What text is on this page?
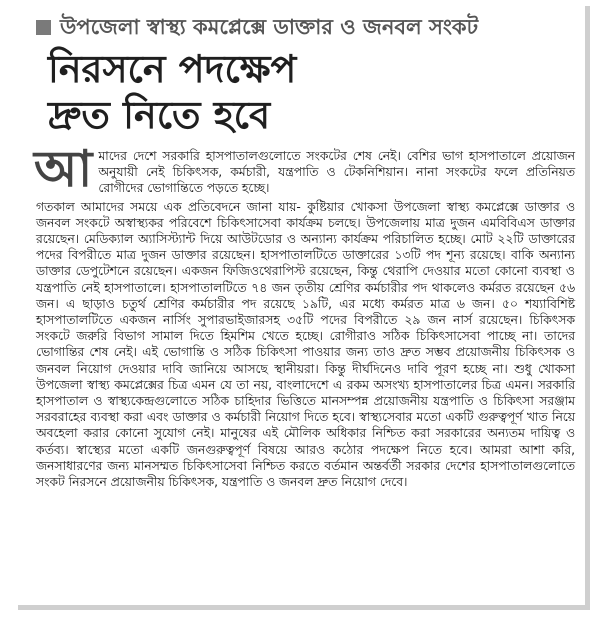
উপজেলা স্বাস্থ্য কমপ্লেক্সে ডাক্তার ও জনবল সংকট
নিরসনে পদক্ষেপ
দ্রুত নিতে হবে
আ মাদের দেশে সরকারি হাসপাতালগুলোতে সংকটের শেষ নেই। বেশির ভাগ হাসপাতালে প্রয়োজন অনুযায়ী নেই চিকিৎসক, কর্মচারী, যন্ত্রপাতি ও টেকনিশিয়ান। নানা সংকটের ফলে প্রতিনিয়ত রোগীদের ভোগান্তিতে পড়তে হচ্ছে।
গতকাল আমাদের সময়ে এক প্রতিবেদনে জানা যায়- কুষ্টিয়ার খোকসা উপজেলা স্বাস্থ্য কমপ্লেক্সে ডাক্তার ও জনবল সংকটে অস্বাস্থ্যকর পরিবেশে চিকিৎসাসেবা কার্যক্রম চলছে। উপজেলায় মাত্র দুজন এমবিবিএস ডাক্তার রয়েছেন। মেডিক্যাল অ্যাসিস্ট্যান্ট দিয়ে আউটডোর ও অন্যান্য কার্যক্রম পরিচালিত হচ্ছে। মোট ২২টি ডাক্তারের পদের বিপরীতে মাত্র দুজন ডাক্তার রয়েছেন। হাসপাতালটিতে ডাক্তারের ১৩টি পদ শূন্য রয়েছে। বাকি অন্যান্য ডাক্তার ডেপুটেশনে রয়েছেন। একজন ফিজিওথেরাপিস্ট রয়েছেন, কিন্তু থেরাপি দেওয়ার মতো কোনো ব্যবস্থা ও যন্ত্রপাতি নেই হাসপাতালে। হাসপাতালটিতে ৭৪ জন তৃতীয় শ্রেণির কর্মচারীর পদ থাকলেও কর্মরত রয়েছেন ৫৬ জন। এ ছাড়াও চতুর্থ শ্রেণির কর্মচারীর পদ রয়েছে ১৯টি, এর মধ্যে কর্মরত মাত্র ৬ জন। ৫০ শয্যাবিশিষ্ট হাসপাতালটিতে একজন নার্সিং সুপারভাইজারসহ ৩৫টি পদের বিপরীতে ২৯ জন নার্স রয়েছেন। চিকিৎসক সংকটে জরুরি বিভাগ সামাল দিতে হিমশিম খেতে হচ্ছে। রোগীরাও সঠিক চিকিৎসাসেবা পাচ্ছে না। তাদের ভোগান্তির শেষ নেই। এই ভোগান্তি ও সঠিক চিকিৎসা পাওয়ার জন্য তাও দ্রুত সম্ভব প্রয়োজনীয় চিকিৎসক ও জনবল নিয়োগ দেওয়ার দাবি জানিয়ে আসছে স্থানীয়রা। কিন্তু দীর্ঘদিনেও দাবি পূরণ হচ্ছে না। শুধু খোকসা উপজেলা স্বাস্থ্য কমপ্লেক্সের চিত্র এমন যে তা নয়, বাংলাদেশে এ রকম অসংখ্য হাসপাতালের চিত্র এমন। সরকারি হাসপাতাল ও স্বাস্থ্যকেন্দ্রগুলোতে সঠিক চাহিদার ভিত্তিতে মানসম্পন্ন প্রয়োজনীয় যন্ত্রপাতি ও চিকিৎসা সরঞ্জাম সরবরাহের ব্যবস্থা করা এবং ডাক্তার ও কর্মচারী নিয়োগ দিতে হবে। স্বাস্থ্যসেবার মতো একটি গুরুত্বপূর্ণ খাত নিয়ে অবহেলা করার কোনো সুযোগ নেই। মানুষের এই মৌলিক অধিকার নিশ্চিত করা সরকারের অন্যতম দায়িত্ব ও কর্তব্য। স্বাস্থ্যের মতো একটি জনগুরুত্বপূর্ণ বিষয়ে আরও কঠোর পদক্ষেপ নিতে হবে। আমরা আশা করি, জনসাধারণের জন্য মানসম্মত চিকিৎসাসেবা নিশ্চিত করতে বর্তমান অন্তর্বর্তী সরকার দেশের হাসপাতালগুলোতে সংকট নিরসনে প্রয়োজনীয় চিকিৎসক, যন্ত্রপাতি ও জনবল দ্রুত নিয়োগ দেবে।
